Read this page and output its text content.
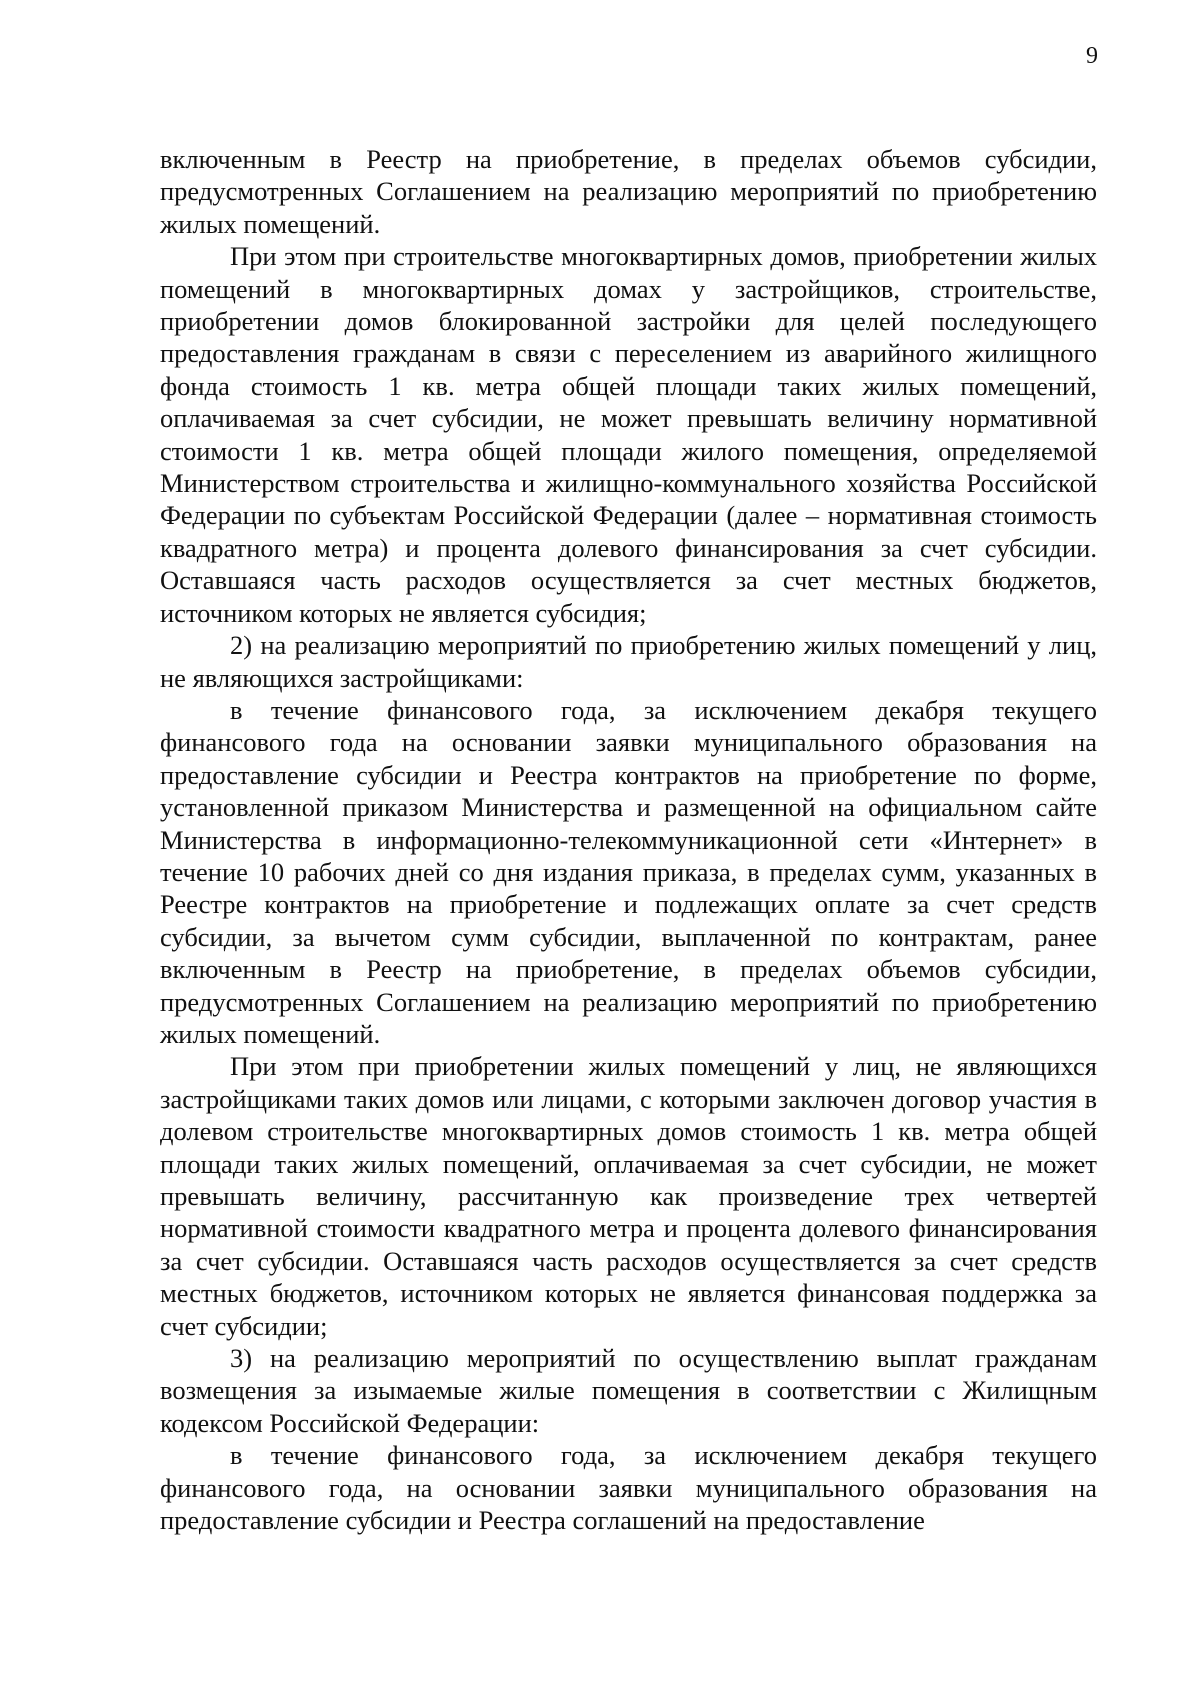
9

включенным в Реестр на приобретение, в пределах объемов субсидии, предусмотренных Соглашением на реализацию мероприятий по приобретению жилых помещений.

При этом при строительстве многоквартирных домов, приобретении жилых помещений в многоквартирных домах у застройщиков, строительстве, приобретении домов блокированной застройки для целей последующего предоставления гражданам в связи с переселением из аварийного жилищного фонда стоимость 1 кв. метра общей площади таких жилых помещений, оплачиваемая за счет субсидии, не может превышать величину нормативной стоимости 1 кв. метра общей площади жилого помещения, определяемой Министерством строительства и жилищно-коммунального хозяйства Российской Федерации по субъектам Российской Федерации (далее – нормативная стоимость квадратного метра) и процента долевого финансирования за счет субсидии. Оставшаяся часть расходов осуществляется за счет местных бюджетов, источником которых не является субсидия;

2) на реализацию мероприятий по приобретению жилых помещений у лиц, не являющихся застройщиками:

в течение финансового года, за исключением декабря текущего финансового года на основании заявки муниципального образования на предоставление субсидии и Реестра контрактов на приобретение по форме, установленной приказом Министерства и размещенной на официальном сайте Министерства в информационно-телекоммуникационной сети «Интернет» в течение 10 рабочих дней со дня издания приказа, в пределах сумм, указанных в Реестре контрактов на приобретение и подлежащих оплате за счет средств субсидии, за вычетом сумм субсидии, выплаченной по контрактам, ранее включенным в Реестр на приобретение, в пределах объемов субсидии, предусмотренных Соглашением на реализацию мероприятий по приобретению жилых помещений.

При этом при приобретении жилых помещений у лиц, не являющихся застройщиками таких домов или лицами, с которыми заключен договор участия в долевом строительстве многоквартирных домов стоимость 1 кв. метра общей площади таких жилых помещений, оплачиваемая за счет субсидии, не может превышать величину, рассчитанную как произведение трех четвертей нормативной стоимости квадратного метра и процента долевого финансирования за счет субсидии. Оставшаяся часть расходов осуществляется за счет средств местных бюджетов, источником которых не является финансовая поддержка за счет субсидии;

3) на реализацию мероприятий по осуществлению выплат гражданам возмещения за изымаемые жилые помещения в соответствии с Жилищным кодексом Российской Федерации:

в течение финансового года, за исключением декабря текущего финансового года, на основании заявки муниципального образования на предоставление субсидии и Реестра соглашений на предоставление
